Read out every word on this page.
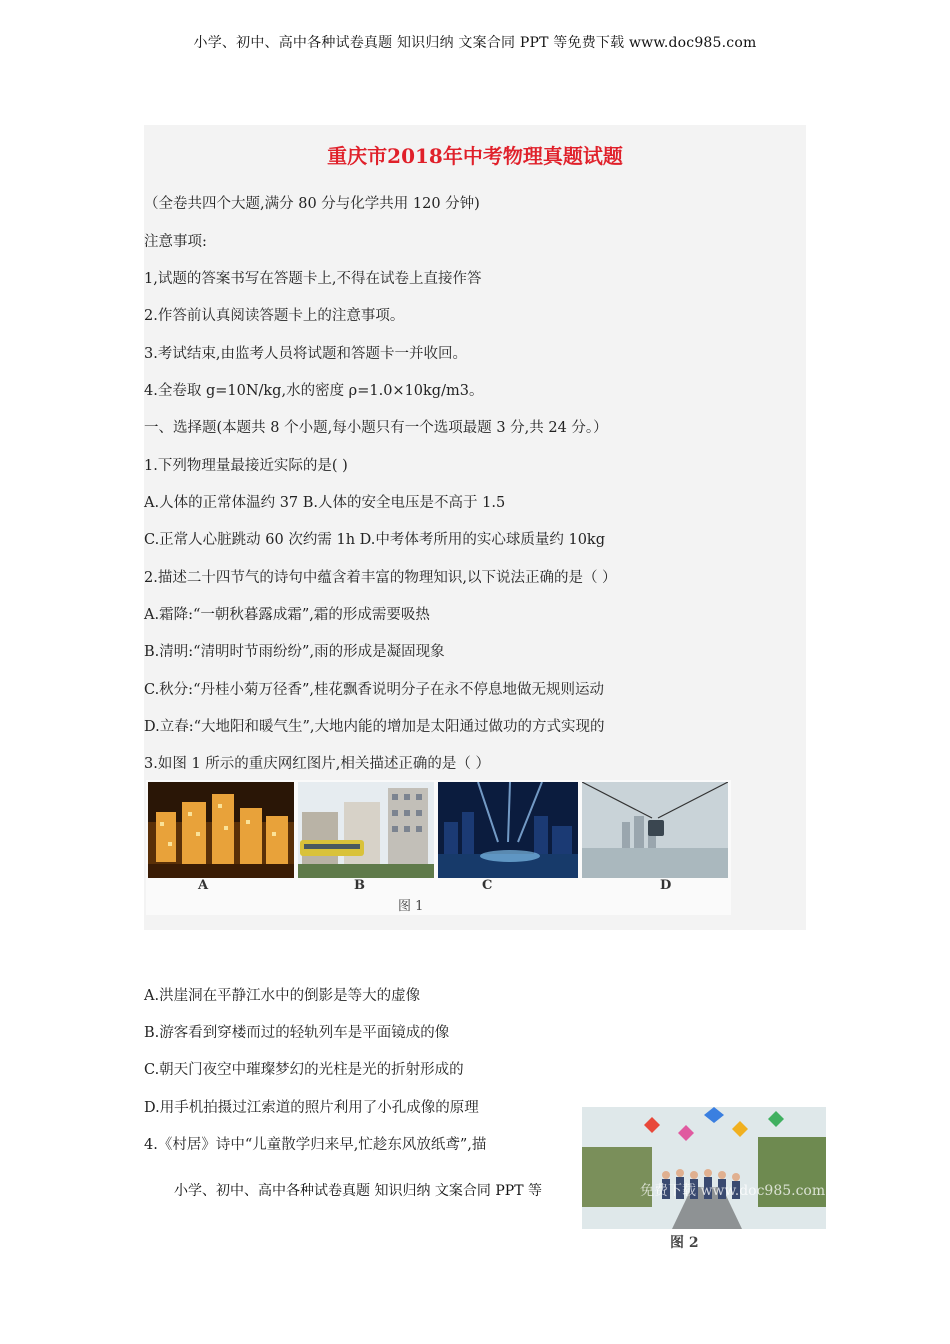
小学、初中、高中各种试卷真题 知识归纳 文案合同 PPT 等免费下载 www.doc985.com
重庆市2018年中考物理真题试题
（全卷共四个大题,满分 80 分与化学共用 120 分钟)
注意事项:
1,试题的答案书写在答题卡上,不得在试卷上直接作答
2.作答前认真阅读答题卡上的注意事项。
3.考试结束,由监考人员将试题和答题卡一并收回。
4.全卷取 g=10N/kg,水的密度 ρ=1.0×10kg/m3。
一、选择题(本题共 8 个小题,每小题只有一个选项最题 3 分,共 24 分。）
1.下列物理量最接近实际的是( )
A.人体的正常体温约 37 B.人体的安全电压是不高于 1.5
C.正常人心脏跳动 60 次约需 1h D.中考体考所用的实心球质量约 10kg
2.描述二十四节气的诗句中蕴含着丰富的物理知识,以下说法正确的是（ ）
A.霜降:“一朝秋暮露成霜”,霜的形成需要吸热
B.清明:“清明时节雨纷纷”,雨的形成是凝固现象
C.秋分:“丹桂小菊万径香”,桂花飘香说明分子在永不停息地做无规则运动
D.立春:“大地阳和暖气生”,大地内能的增加是太阳通过做功的方式实现的
3.如图 1 所示的重庆网红图片,相关描述正确的是（ ）
A	B	C	D
图 1
A.洪崖洞在平静江水中的倒影是等大的虚像
B.游客看到穿楼而过的轻轨列车是平面镜成的像
C.朝天门夜空中璀璨梦幻的光柱是光的折射形成的
D.用手机拍摄过江索道的照片利用了小孔成像的原理
4.《村居》诗中“儿童散学归来早,忙趁东风放纸鸢”,描
小学、初中、高中各种试卷真题 知识归纳 文案合同 PPT 等	免费下载 www.doc985.com
图 2
